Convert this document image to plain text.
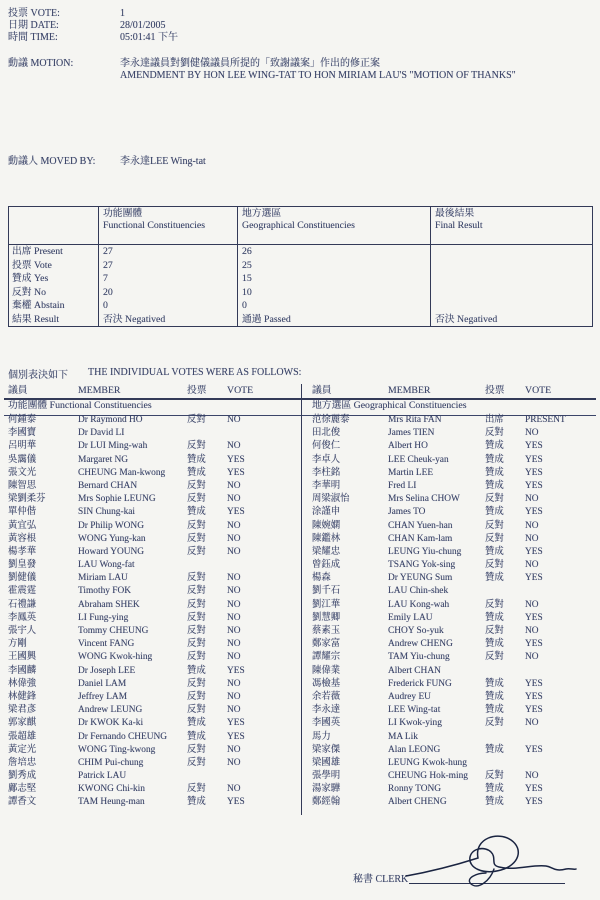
投票 VOTE:	1
日期 DATE:	28/01/2005
時間 TIME:	05:01:41 下午
動議 MOTION:	李永達議員對劉健儀議員所提的「致謝議案」作出的修正案
AMENDMENT BY HON LEE WING-TAT TO HON MIRIAM LAU'S "MOTION OF THANKS"
動議人 MOVED BY: 李永達LEE Wing-tat
功能團體
Functional Constituencies
地方選區
Geographical Constituencies
最後結果
Final Result
出席 Present	27	26
投票 Vote	27	25
贊成 Yes	7	15
反對 No	20	10
棄權 Abstain	0	0
結果 Result	否決 Negatived	通過 Passed	否決 Negatived
個別表決如下 THE INDIVIDUAL VOTES WERE AS FOLLOWS:
議員	MEMBER	投票	VOTE
功能團體 Functional Constituencies
何鍾泰	Dr Raymond HO	反對	NO
李國寶	Dr David LI
呂明華	Dr LUI Ming-wah	反對	NO
吳靄儀	Margaret NG	贊成	YES
張文光	CHEUNG Man-kwong	贊成	YES
陳智思	Bernard CHAN	反對	NO
梁劉柔芬	Mrs Sophie LEUNG	反對	NO
單仲偕	SIN Chung-kai	贊成	YES
黃宜弘	Dr Philip WONG	反對	NO
黃容根	WONG Yung-kan	反對	NO
楊孝華	Howard YOUNG	反對	NO
劉皇發	LAU Wong-fat
劉健儀	Miriam LAU	反對	NO
霍震霆	Timothy FOK	反對	NO
石禮謙	Abraham SHEK	反對	NO
李鳳英	LI Fung-ying	反對	NO
張宇人	Tommy CHEUNG	反對	NO
方剛	Vincent FANG	反對	NO
王國興	WONG Kwok-hing	反對	NO
李國麟	Dr Joseph LEE	贊成	YES
林偉強	Daniel LAM	反對	NO
林健鋒	Jeffrey LAM	反對	NO
梁君彥	Andrew LEUNG	反對	NO
郭家麒	Dr KWOK Ka-ki	贊成	YES
張超雄	Dr Fernando CHEUNG	贊成	YES
黃定光	WONG Ting-kwong	反對	NO
詹培忠	CHIM Pui-chung	反對	NO
劉秀成	Patrick LAU
鄺志堅	KWONG Chi-kin	反對	NO
譚香文	TAM Heung-man	贊成	YES
議員	MEMBER	投票	VOTE
地方選區 Geographical Constituencies
范徐麗泰	Mrs Rita FAN	出席	PRESENT
田北俊	James TIEN	反對	NO
何俊仁	Albert HO	贊成	YES
李卓人	LEE Cheuk-yan	贊成	YES
李柱銘	Martin LEE	贊成	YES
李華明	Fred LI	贊成	YES
周梁淑怡	Mrs Selina CHOW	反對	NO
涂謹申	James TO	贊成	YES
陳婉嫻	CHAN Yuen-han	反對	NO
陳鑑林	CHAN Kam-lam	反對	NO
梁耀忠	LEUNG Yiu-chung	贊成	YES
曾鈺成	TSANG Yok-sing	反對	NO
楊森	Dr YEUNG Sum	贊成	YES
劉千石	LAU Chin-shek
劉江華	LAU Kong-wah	反對	NO
劉慧卿	Emily LAU	贊成	YES
蔡素玉	CHOY So-yuk	反對	NO
鄭家富	Andrew CHENG	贊成	YES
譚耀宗	TAM Yiu-chung	反對	NO
陳偉業	Albert CHAN
馮檢基	Frederick FUNG	贊成	YES
余若薇	Audrey EU	贊成	YES
李永達	LEE Wing-tat	贊成	YES
李國英	LI Kwok-ying	反對	NO
馬力	MA Lik
梁家傑	Alan LEONG	贊成	YES
梁國雄	LEUNG Kwok-hung
張學明	CHEUNG Hok-ming	反對	NO
湯家驊	Ronny TONG	贊成	YES
鄭經翰	Albert CHENG	贊成	YES
秘書 CLERK
